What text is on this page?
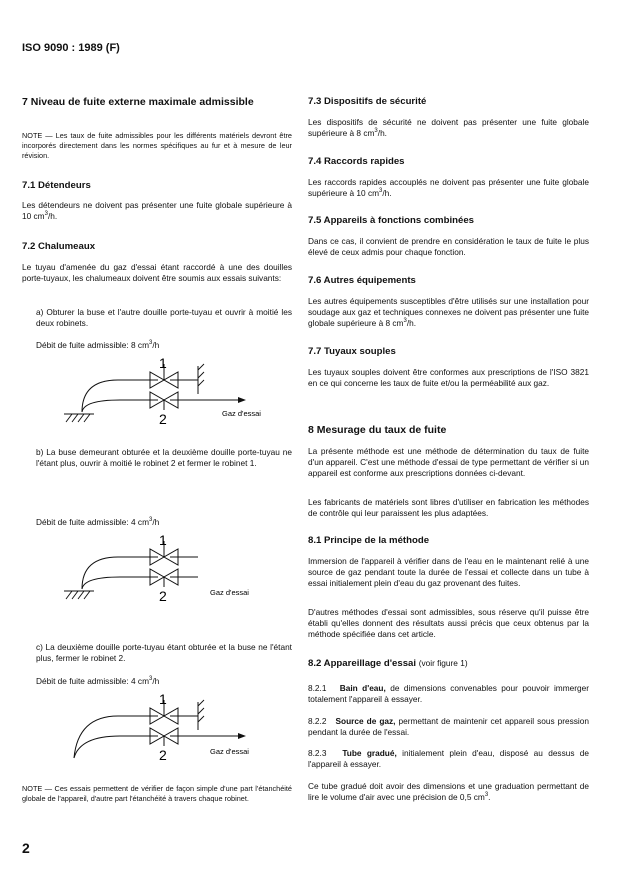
ISO 9090 : 1989 (F)
7 Niveau de fuite externe maximale admissible
NOTE — Les taux de fuite admissibles pour les différents matériels devront être incorporés directement dans les normes spécifiques au fur et à mesure de leur révision.
7.1 Détendeurs
Les détendeurs ne doivent pas présenter une fuite globale supérieure à 10 $cm^3/h$.
7.2 Chalumeaux
Le tuyau d'amenée du gaz d'essai étant raccordé à une des douilles porte-tuyaux, les chalumeaux doivent être soumis aux essais suivants:
a) Obturer la buse et l'autre douille porte-tuyau et ouvrir à moitié les deux robinets.
Débit de fuite admissible: 8 $cm^3/h$
1
2	Gaz d'essai
b) La buse demeurant obturée et la deuxième douille porte-tuyau ne l'étant plus, ouvrir à moitié le robinet 2 et fermer le robinet 1.
Débit de fuite admissible: 4 $cm^3/h$
1
2	Gaz d'essai
c) La deuxième douille porte-tuyau étant obturée et la buse ne l'étant plus, fermer le robinet 2.
Débit de fuite admissible: 4 $cm^3/h$
1
2	Gaz d'essai
NOTE — Ces essais permettent de vérifier de façon simple d'une part l'étanchéité globale de l'appareil, d'autre part l'étanchéité à travers chaque robinet.
2
7.3 Dispositifs de sécurité
Les dispositifs de sécurité ne doivent pas présenter une fuite globale supérieure à 8 $cm^3/h$.
7.4 Raccords rapides
Les raccords rapides accouplés ne doivent pas présenter une fuite globale supérieure à 10 $cm^3/h$.
7.5 Appareils à fonctions combinées
Dans ce cas, il convient de prendre en considération le taux de fuite le plus élevé de ceux admis pour chaque fonction.
7.6 Autres équipements
Les autres équipements susceptibles d'être utilisés sur une installation pour soudage aux gaz et techniques connexes ne doivent pas présenter une fuite globale supérieure à 8 $cm^3/h$.
7.7 Tuyaux souples
Les tuyaux souples doivent être conformes aux prescriptions de l'ISO 3821 en ce qui concerne les taux de fuite et/ou la perméabilité aux gaz.
8 Mesurage du taux de fuite
La présente méthode est une méthode de détermination du taux de fuite d'un appareil. C'est une méthode d'essai de type permettant de vérifier si un appareil est conforme aux prescriptions données ci-devant.
Les fabricants de matériels sont libres d'utiliser en fabrication les méthodes de contrôle qui leur paraissent les plus adaptées.
8.1 Principe de la méthode
Immersion de l'appareil à vérifier dans de l'eau en le maintenant relié à une source de gaz pendant toute la durée de l'essai et collecte dans un tube à essai initialement plein d'eau du gaz provenant des fuites.
D'autres méthodes d'essai sont admissibles, sous réserve qu'il puisse être établi qu'elles donnent des résultats aussi précis que ceux obtenus par la méthode spécifiée dans cet article.
8.2 Appareillage d'essai (voir figure 1)
8.2.1 Bain d'eau, de dimensions convenables pour pouvoir immerger totalement l'appareil à essayer.
8.2.2 Source de gaz, permettant de maintenir cet appareil sous pression pendant la durée de l'essai.
8.2.3 Tube gradué, initialement plein d'eau, disposé au dessus de l'appareil à essayer.
Ce tube gradué doit avoir des dimensions et une graduation permettant de lire le volume d'air avec une précision de 0,5 $cm^3$.
